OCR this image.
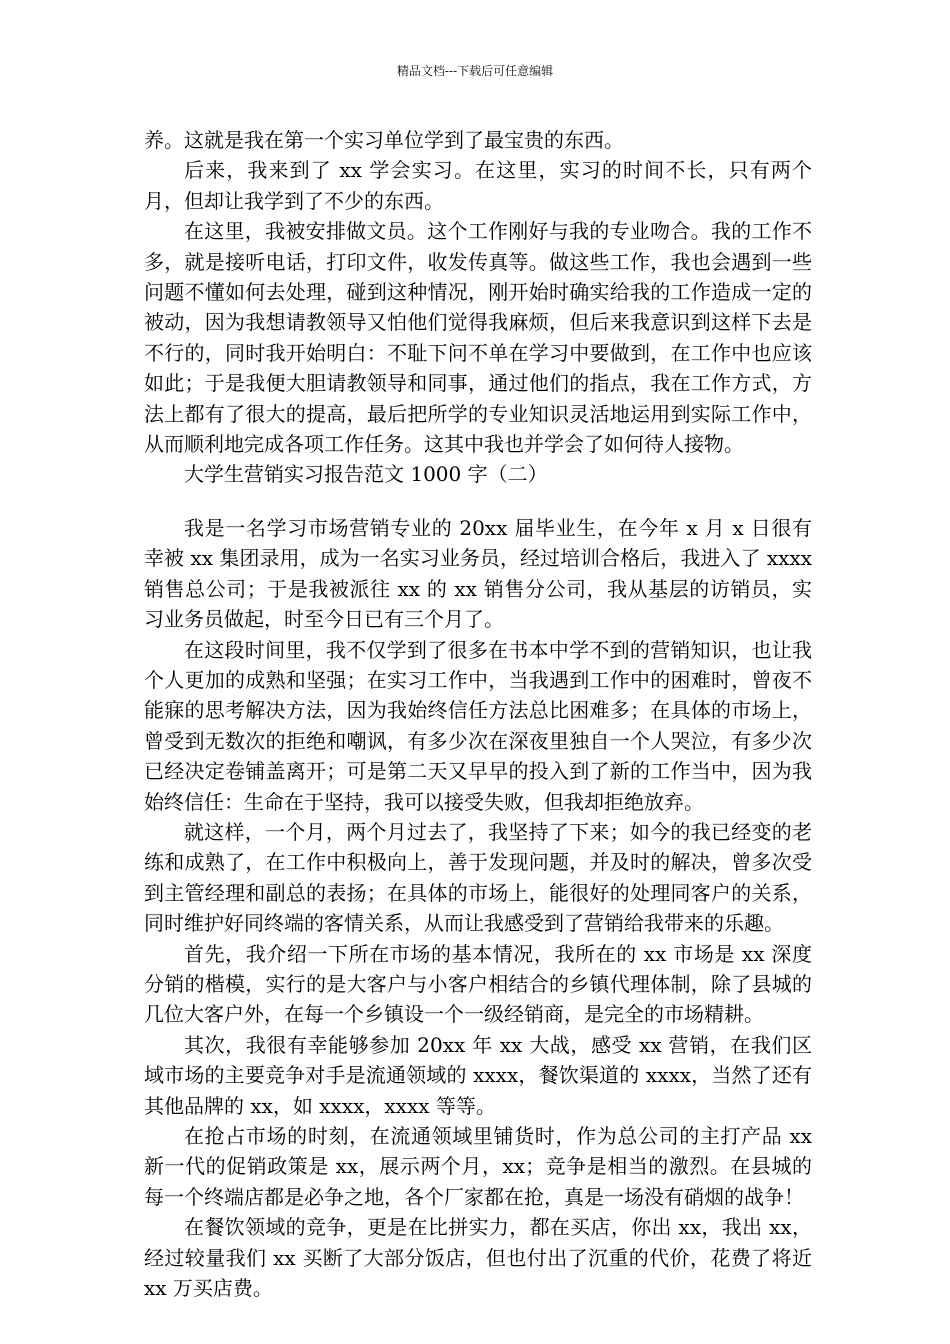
精品文档---下载后可任意编辑

养。这就是我在第一个实习单位学到了最宝贵的东西。

后来，我来到了 xx 学会实习。在这里，实习的时间不长，只有两个月，但却让我学到了不少的东西。

在这里，我被安排做文员。这个工作刚好与我的专业吻合。我的工作不多，就是接听电话，打印文件，收发传真等。做这些工作，我也会遇到一些问题不懂如何去处理，碰到这种情况，刚开始时确实给我的工作造成一定的被动，因为我想请教领导又怕他们觉得我麻烦，但后来我意识到这样下去是不行的，同时我开始明白：不耻下问不单在学习中要做到，在工作中也应该如此；于是我便大胆请教领导和同事，通过他们的指点，我在工作方式，方法上都有了很大的提高，最后把所学的专业知识灵活地运用到实际工作中，从而顺利地完成各项工作任务。这其中我也并学会了如何待人接物。

大学生营销实习报告范文 1000 字（二）

我是一名学习市场营销专业的 20xx 届毕业生，在今年 x 月 x 日很有幸被 xx 集团录用，成为一名实习业务员，经过培训合格后，我进入了 xxxx 销售总公司；于是我被派往 xx 的 xx 销售分公司，我从基层的访销员，实习业务员做起，时至今日已有三个月了。

在这段时间里，我不仅学到了很多在书本中学不到的营销知识，也让我个人更加的成熟和坚强；在实习工作中，当我遇到工作中的困难时，曾夜不能寐的思考解决方法，因为我始终信任方法总比困难多；在具体的市场上，曾受到无数次的拒绝和嘲讽，有多少次在深夜里独自一个人哭泣，有多少次已经决定卷铺盖离开；可是第二天又早早的投入到了新的工作当中，因为我始终信任：生命在于坚持，我可以接受失败，但我却拒绝放弃。

就这样，一个月，两个月过去了，我坚持了下来；如今的我已经变的老练和成熟了，在工作中积极向上，善于发现问题，并及时的解决，曾多次受到主管经理和副总的表扬；在具体的市场上，能很好的处理同客户的关系，同时维护好同终端的客情关系，从而让我感受到了营销给我带来的乐趣。

首先，我介绍一下所在市场的基本情况，我所在的 xx 市场是 xx 深度分销的楷模，实行的是大客户与小客户相结合的乡镇代理体制，除了县城的几位大客户外，在每一个乡镇设一个一级经销商，是完全的市场精耕。

其次，我很有幸能够参加 20xx 年 xx 大战，感受 xx 营销，在我们区域市场的主要竞争对手是流通领域的 xxxx，餐饮渠道的 xxxx，当然了还有其他品牌的 xx，如 xxxx，xxxx 等等。

在抢占市场的时刻，在流通领域里铺货时，作为总公司的主打产品 xx 新一代的促销政策是 xx，展示两个月，xx；竞争是相当的激烈。在县城的每一个终端店都是必争之地，各个厂家都在抢，真是一场没有硝烟的战争！

在餐饮领域的竞争，更是在比拼实力，都在买店，你出 xx，我出 xx，经过较量我们 xx 买断了大部分饭店，但也付出了沉重的代价，花费了将近 xx 万买店费。
